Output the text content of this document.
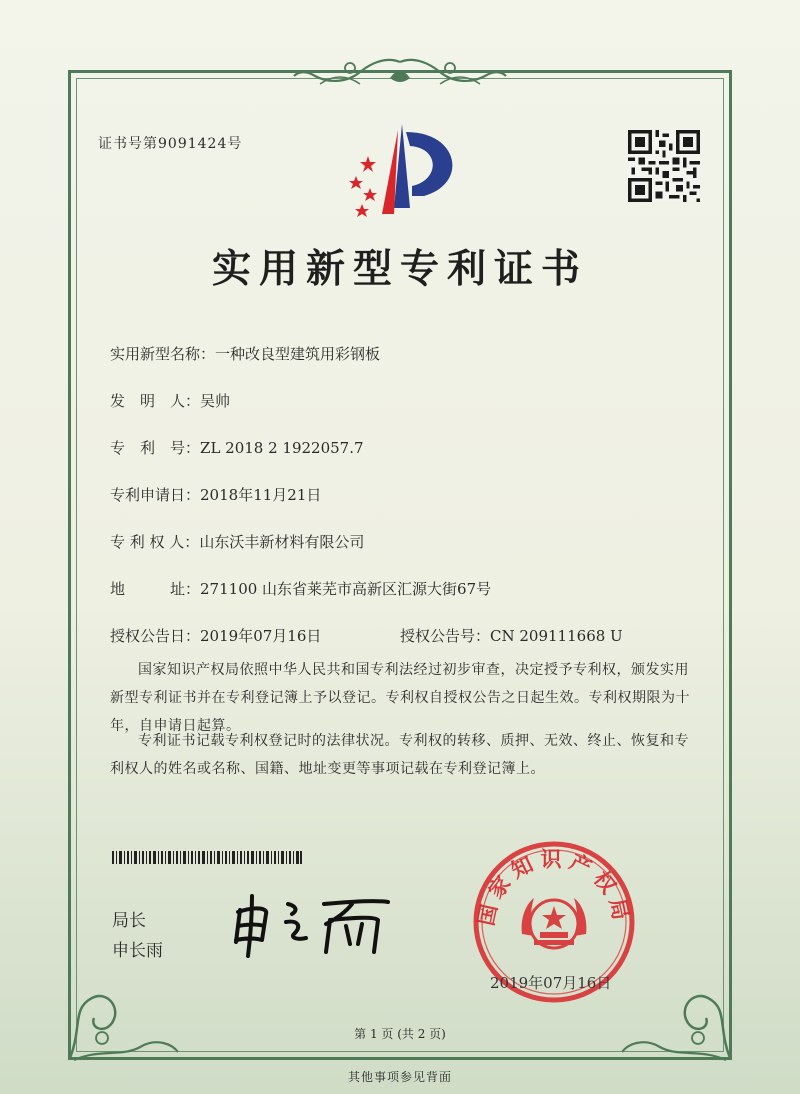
证书号第9091424号
实用新型专利证书
实用新型名称：一种改良型建筑用彩钢板
发　明　人：吴帅
专　利　号：ZL 2018 2 1922057.7
专利申请日：2018年11月21日
专 利 权 人：山东沃丰新材料有限公司
地　　　址：271100 山东省莱芜市高新区汇源大街67号
授权公告日：2019年07月16日	授权公告号：CN 209111668 U
国家知识产权局依照中华人民共和国专利法经过初步审查，决定授予专利权，颁发实用新型专利证书并在专利登记簿上予以登记。专利权自授权公告之日起生效。专利权期限为十年，自申请日起算。
专利证书记载专利权登记时的法律状况。专利权的转移、质押、无效、终止、恢复和专利权人的姓名或名称、国籍、地址变更等事项记载在专利登记簿上。
局长
申长雨
国家知识产权局
2019年07月16日
第 1 页 (共 2 页)
其他事项参见背面
